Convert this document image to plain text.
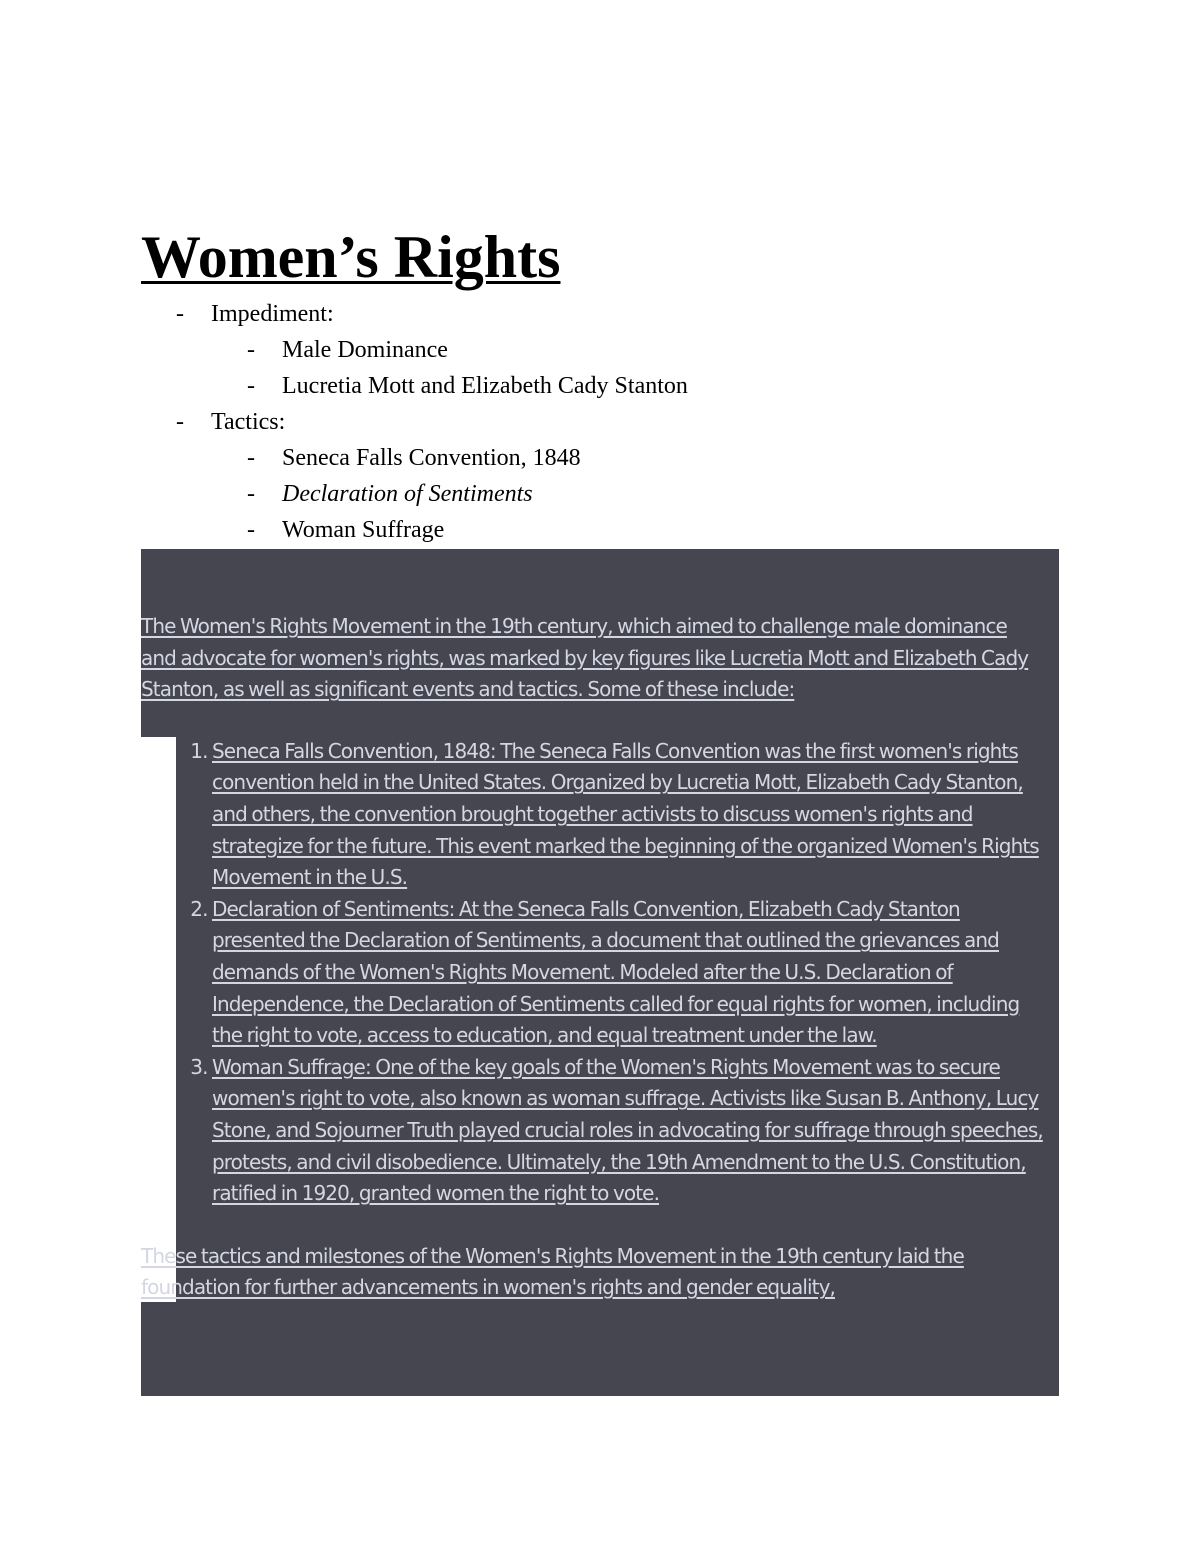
Women’s Rights
- Impediment:
- Male Dominance
- Lucretia Mott and Elizabeth Cady Stanton
- Tactics:
- Seneca Falls Convention, 1848
- Declaration of Sentiments
- Woman Suffrage

The Women's Rights Movement in the 19th century, which aimed to challenge male dominance and advocate for women's rights, was marked by key figures like Lucretia Mott and Elizabeth Cady Stanton, as well as significant events and tactics. Some of these include:

1. Seneca Falls Convention, 1848: The Seneca Falls Convention was the first women's rights convention held in the United States. Organized by Lucretia Mott, Elizabeth Cady Stanton, and others, the convention brought together activists to discuss women's rights and strategize for the future. This event marked the beginning of the organized Women's Rights Movement in the U.S.
2. Declaration of Sentiments: At the Seneca Falls Convention, Elizabeth Cady Stanton presented the Declaration of Sentiments, a document that outlined the grievances and demands of the Women's Rights Movement. Modeled after the U.S. Declaration of Independence, the Declaration of Sentiments called for equal rights for women, including the right to vote, access to education, and equal treatment under the law.
3. Woman Suffrage: One of the key goals of the Women's Rights Movement was to secure women's right to vote, also known as woman suffrage. Activists like Susan B. Anthony, Lucy Stone, and Sojourner Truth played crucial roles in advocating for suffrage through speeches, protests, and civil disobedience. Ultimately, the 19th Amendment to the U.S. Constitution, ratified in 1920, granted women the right to vote.

These tactics and milestones of the Women's Rights Movement in the 19th century laid the foundation for further advancements in women's rights and gender equality,
